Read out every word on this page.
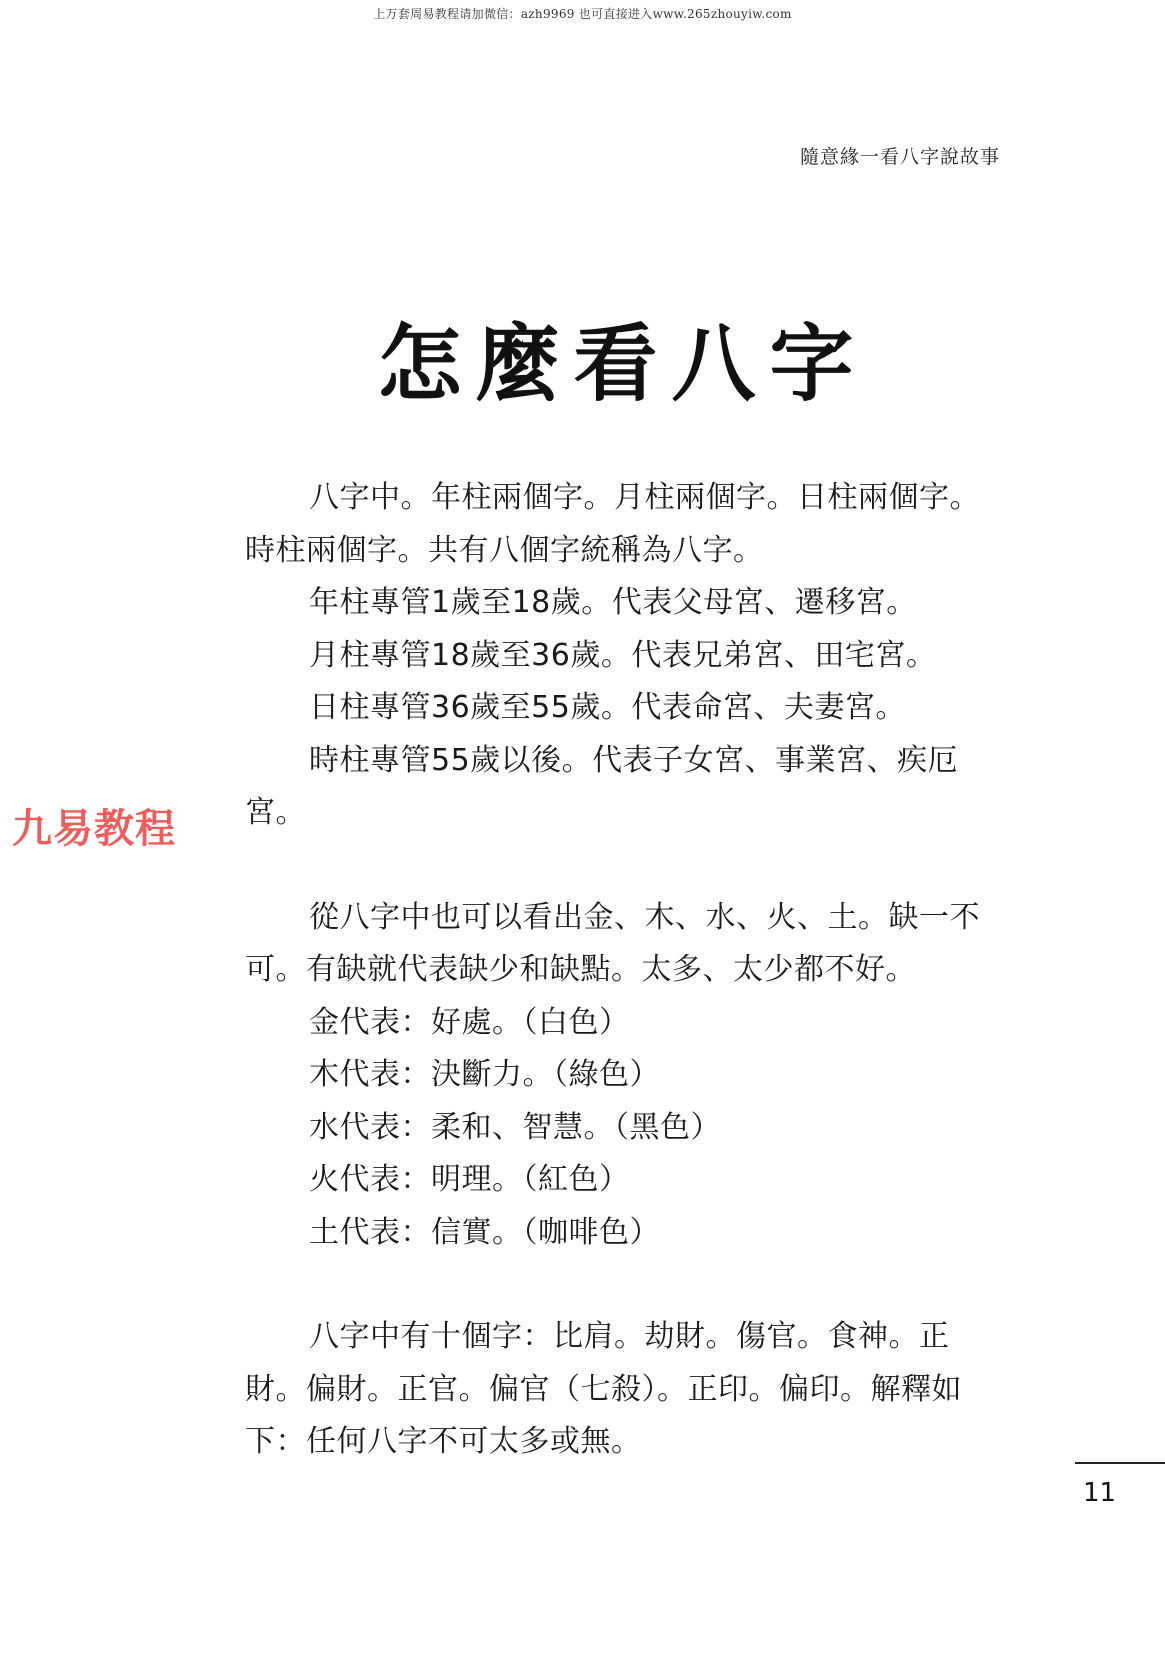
上万套周易教程请加微信：azh9969 也可直接进入www.265zhouyiw.com
隨意緣一看八字說故事
怎麼看八字

八字中。年柱兩個字。月柱兩個字。日柱兩個字。時柱兩個字。共有八個字統稱為八字。

年柱專管1歲至18歲。代表父母宮、遷移宮。

月柱專管18歲至36歲。代表兄弟宮、田宅宮。

日柱專管36歲至55歲。代表命宮、夫妻宮。

時柱專管55歲以後。代表子女宮、事業宮、疾厄宮。

從八字中也可以看出金、木、水、火、土。缺一不可。有缺就代表缺少和缺點。太多、太少都不好。

金代表：好處。（白色）

木代表：決斷力。（綠色）

水代表：柔和、智慧。（黑色）

火代表：明理。（紅色）

土代表：信實。（咖啡色）

八字中有十個字：比肩。劫財。傷官。食神。正財。偏財。正官。偏官（七殺）。正印。偏印。解釋如下：任何八字不可太多或無。

九易教程
11
